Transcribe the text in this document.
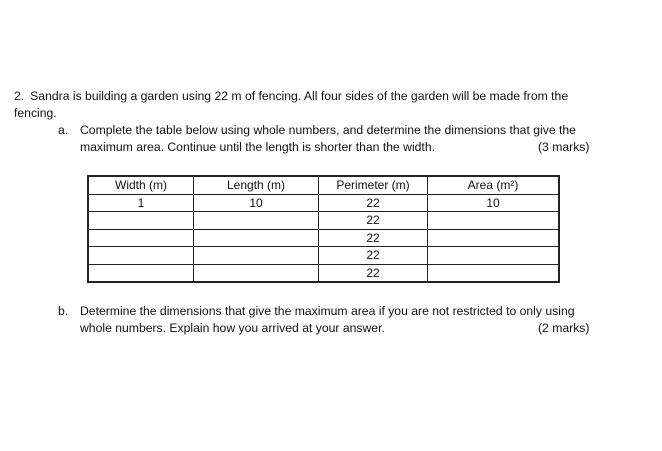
2. Sandra is building a garden using 22 m of fencing. All four sides of the garden will be made from the
fencing.
a. Complete the table below using whole numbers, and determine the dimensions that give the
maximum area. Continue until the length is shorter than the width.	(3 marks)
Width (m)	Length (m)	Perimeter (m)	Area (m²)
1	10	22	10
		22	
		22	
		22	
		22	
b. Determine the dimensions that give the maximum area if you are not restricted to only using
whole numbers. Explain how you arrived at your answer.	(2 marks)
